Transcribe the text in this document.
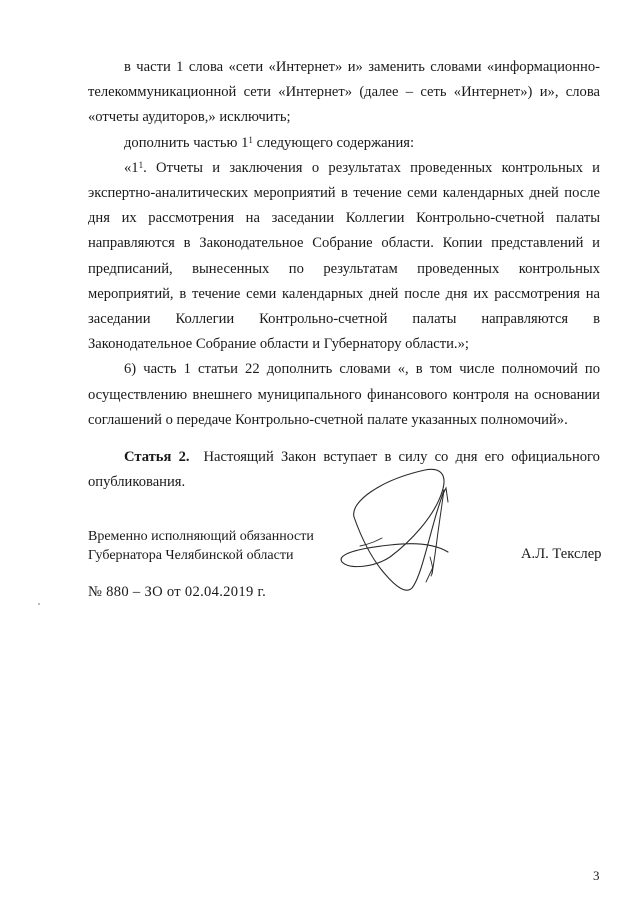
в части 1 слова «сети «Интернет» и» заменить словами «информационно-телекоммуникационной сети «Интернет» (далее – сеть «Интернет») и», слова «отчеты аудиторов,» исключить;

дополнить частью $1^1$ следующего содержания:

«$1^1$. Отчеты и заключения о результатах проведенных контрольных и экспертно-аналитических мероприятий в течение семи календарных дней после дня их рассмотрения на заседании Коллегии Контрольно-счетной палаты направляются в Законодательное Собрание области. Копии представлений и предписаний, вынесенных по результатам проведенных контрольных мероприятий, в течение семи календарных дней после дня их рассмотрения на заседании Коллегии Контрольно-счетной палаты направляются в Законодательное Собрание области и Губернатору области.»;

6) часть 1 статьи 22 дополнить словами «, в том числе полномочий по осуществлению внешнего муниципального финансового контроля на основании соглашений о передаче Контрольно-счетной палате указанных полномочий».

Статья 2. Настоящий Закон вступает в силу со дня его официального опубликования.

Временно исполняющий обязанности
Губернатора Челябинской области	А.Л. Текслер
№ 880 – ЗО от 02.04.2019 г.
3
